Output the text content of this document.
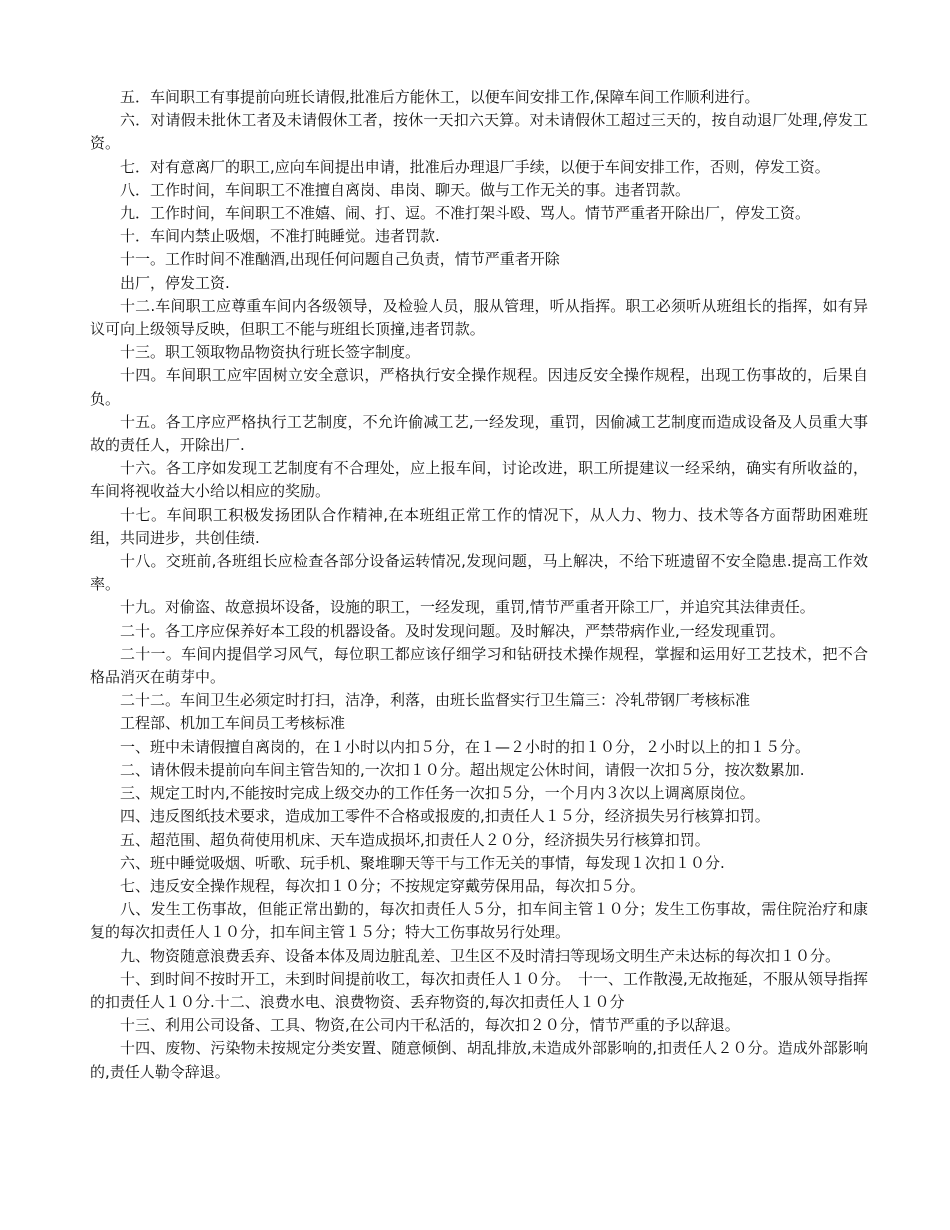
五．车间职工有事提前向班长请假,批准后方能休工，以便车间安排工作,保障车间工作顺利进行。

六．对请假未批休工者及未请假休工者，按休一天扣六天算。对未请假休工超过三天的，按自动退厂处理,停发工资。

七．对有意离厂的职工,应向车间提出申请，批准后办理退厂手续，以便于车间安排工作，否则，停发工资。

八．工作时间，车间职工不准擅自离岗、串岗、聊天。做与工作无关的事。违者罚款。

九．工作时间，车间职工不准嬉、闹、打、逗。不准打架斗殴、骂人。情节严重者开除出厂，停发工资。

十．车间内禁止吸烟，不准打盹睡觉。违者罚款.

十一。工作时间不准酗酒,出现任何问题自己负责，情节严重者开除

出厂，停发工资.

十二.车间职工应尊重车间内各级领导，及检验人员，服从管理，听从指挥。职工必须听从班组长的指挥，如有异议可向上级领导反映，但职工不能与班组长顶撞,违者罚款。

十三。职工领取物品物资执行班长签字制度。

十四。车间职工应牢固树立安全意识，严格执行安全操作规程。因违反安全操作规程，出现工伤事故的，后果自负。

十五。各工序应严格执行工艺制度，不允许偷减工艺,一经发现，重罚，因偷减工艺制度而造成设备及人员重大事故的责任人，开除出厂.

十六。各工序如发现工艺制度有不合理处，应上报车间，讨论改进，职工所提建议一经采纳，确实有所收益的，车间将视收益大小给以相应的奖励。

十七。车间职工积极发扬团队合作精神,在本班组正常工作的情况下，从人力、物力、技术等各方面帮助困难班组，共同进步，共创佳绩.

十八。交班前,各班组长应检查各部分设备运转情况,发现问题，马上解决，不给下班遗留不安全隐患.提高工作效率。

十九。对偷盗、故意损坏设备，设施的职工，一经发现，重罚,情节严重者开除工厂，并追究其法律责任。

二十。各工序应保养好本工段的机器设备。及时发现问题。及时解决，严禁带病作业,一经发现重罚。

二十一。车间内提倡学习风气，每位职工都应该仔细学习和钻研技术操作规程，掌握和运用好工艺技术，把不合格品消灭在萌芽中。

二十二。车间卫生必须定时打扫，洁净，利落，由班长监督实行卫生篇三：冷轧带钢厂考核标准

工程部、机加工车间员工考核标准

一、班中未请假擅自离岗的，在１小时以内扣５分，在１—２小时的扣１０分，２小时以上的扣１５分。

二、请休假未提前向车间主管告知的,一次扣１０分。超出规定公休时间，请假一次扣５分，按次数累加.

三、规定工时内,不能按时完成上级交办的工作任务一次扣５分，一个月内３次以上调离原岗位。

四、违反图纸技术要求，造成加工零件不合格或报废的,扣责任人１５分，经济损失另行核算扣罚。

五、超范围、超负荷使用机床、天车造成损坏,扣责任人２０分，经济损失另行核算扣罚。

六、班中睡觉吸烟、听歌、玩手机、聚堆聊天等干与工作无关的事情，每发现１次扣１０分.

七、违反安全操作规程，每次扣１０分；不按规定穿戴劳保用品，每次扣５分。

八、发生工伤事故，但能正常出勤的，每次扣责任人５分，扣车间主管１０分；发生工伤事故，需住院治疗和康复的每次扣责任人１０分，扣车间主管１５分；特大工伤事故另行处理。

九、物资随意浪费丢弃、设备本体及周边脏乱差、卫生区不及时清扫等现场文明生产未达标的每次扣１０分。

十、到时间不按时开工，未到时间提前收工，每次扣责任人１０分。　十一、工作散漫,无故拖延，不服从领导指挥的扣责任人１０分.十二、浪费水电、浪费物资、丢弃物资的,每次扣责任人１０分

十三、利用公司设备、工具、物资,在公司内干私活的，每次扣２０分，情节严重的予以辞退。

十四、废物、污染物未按规定分类安置、随意倾倒、胡乱排放,未造成外部影响的,扣责任人２０分。造成外部影响的,责任人勒令辞退。
